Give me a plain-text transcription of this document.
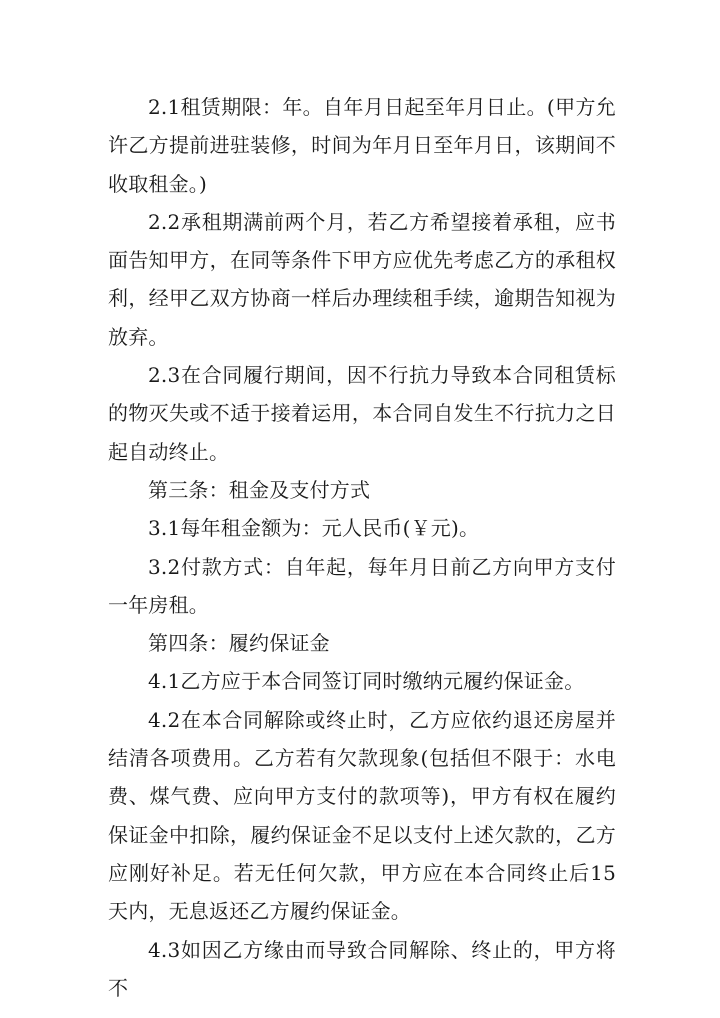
2.1租赁期限：年。自年月日起至年月日止。(甲方允许乙方提前进驻装修，时间为年月日至年月日，该期间不收取租金。)

2.2承租期满前两个月，若乙方希望接着承租，应书面告知甲方，在同等条件下甲方应优先考虑乙方的承租权利，经甲乙双方协商一样后办理续租手续，逾期告知视为放弃。

2.3在合同履行期间，因不行抗力导致本合同租赁标的物灭失或不适于接着运用，本合同自发生不行抗力之日起自动终止。

第三条：租金及支付方式

3.1每年租金额为：元人民币(￥元)。

3.2付款方式：自年起，每年月日前乙方向甲方支付一年房租。

第四条：履约保证金

4.1乙方应于本合同签订同时缴纳元履约保证金。

4.2在本合同解除或终止时，乙方应依约退还房屋并结清各项费用。乙方若有欠款现象(包括但不限于：水电费、煤气费、应向甲方支付的款项等)，甲方有权在履约保证金中扣除，履约保证金不足以支付上述欠款的，乙方应刚好补足。若无任何欠款，甲方应在本合同终止后15天内，无息返还乙方履约保证金。

4.3如因乙方缘由而导致合同解除、终止的，甲方将不
